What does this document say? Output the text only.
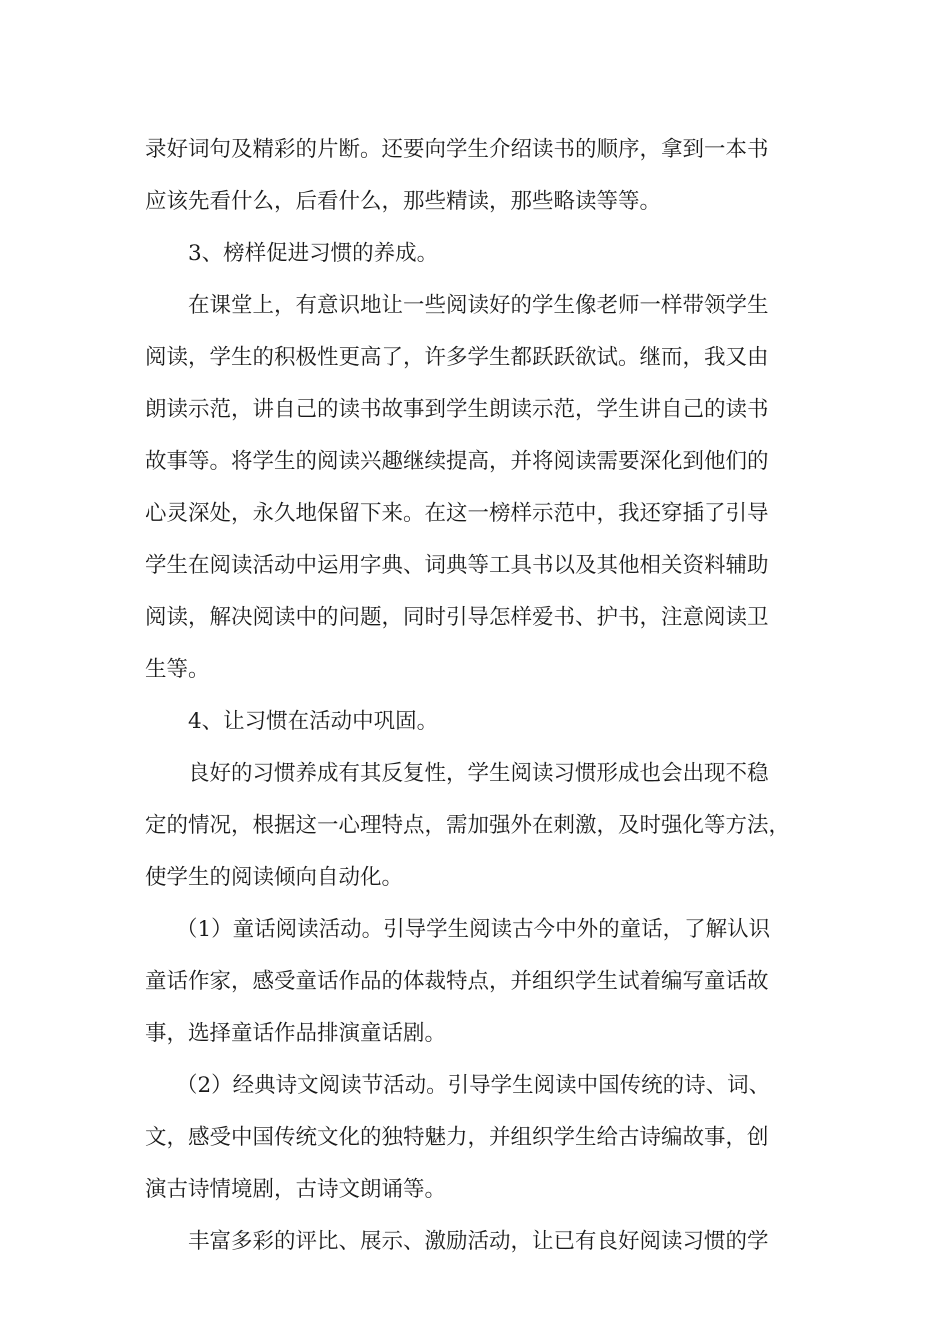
录好词句及精彩的片断。还要向学生介绍读书的顺序，拿到一本书
应该先看什么，后看什么，那些精读，那些略读等等。
3、榜样促进习惯的养成。
在课堂上，有意识地让一些阅读好的学生像老师一样带领学生
阅读，学生的积极性更高了，许多学生都跃跃欲试。继而，我又由
朗读示范，讲自己的读书故事到学生朗读示范，学生讲自己的读书
故事等。将学生的阅读兴趣继续提高，并将阅读需要深化到他们的
心灵深处，永久地保留下来。在这一榜样示范中，我还穿插了引导
学生在阅读活动中运用字典、词典等工具书以及其他相关资料辅助
阅读，解决阅读中的问题，同时引导怎样爱书、护书，注意阅读卫
生等。
4、让习惯在活动中巩固。
良好的习惯养成有其反复性，学生阅读习惯形成也会出现不稳
定的情况，根据这一心理特点，需加强外在刺激，及时强化等方法，
使学生的阅读倾向自动化。
（1）童话阅读活动。引导学生阅读古今中外的童话，了解认识
童话作家，感受童话作品的体裁特点，并组织学生试着编写童话故
事，选择童话作品排演童话剧。
（2）经典诗文阅读节活动。引导学生阅读中国传统的诗、词、
文，感受中国传统文化的独特魅力，并组织学生给古诗编故事，创
演古诗情境剧，古诗文朗诵等。
丰富多彩的评比、展示、激励活动，让已有良好阅读习惯的学
